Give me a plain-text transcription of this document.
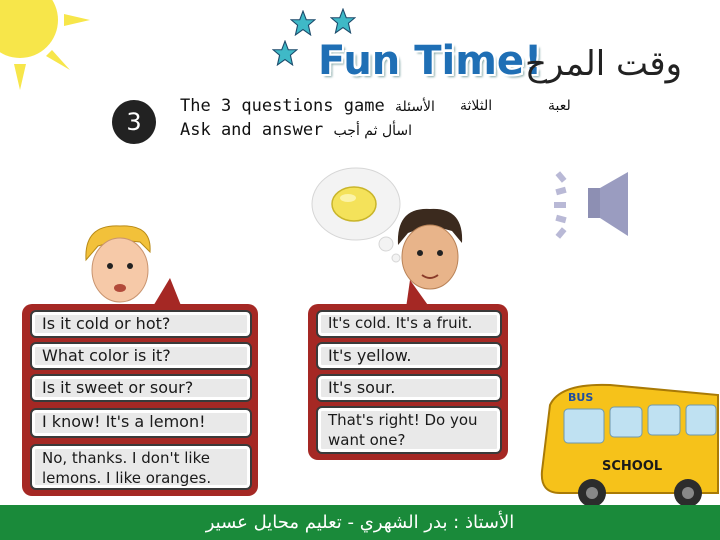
Fun Time!
وقت المرح
3
The 3 questions game الأسئلة الثلاثة	لعبة
Ask and answer اسأل ثم أجب
Is it cold or hot?
What color is it?
Is it sweet or sour?
I know! It's a lemon!
No, thanks. I don't like lemons. I like oranges.
It's cold. It's a fruit.
It's yellow.
It's sour.
That's right! Do you want one?
BUS
SCHOOL
الأستاذ : بدر الشهري - تعليم محايل عسير
